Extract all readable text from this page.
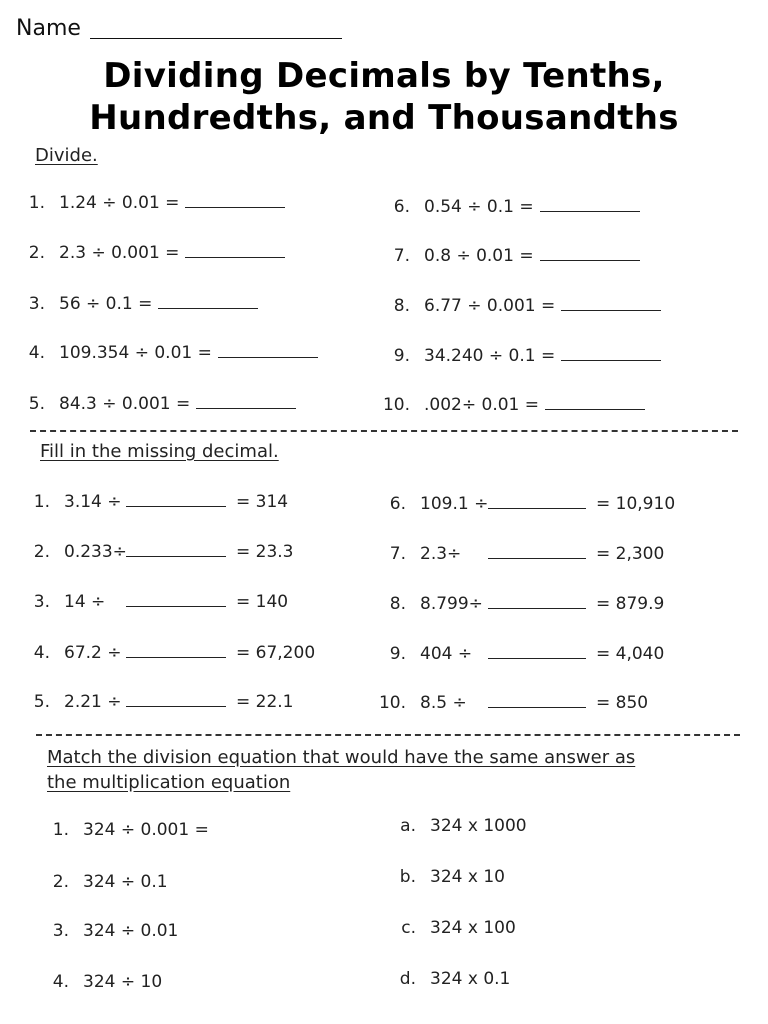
Name
Dividing Decimals by Tenths,
Hundredths, and Thousandths
Divide.
1. 1.24 ÷ 0.01 =
2. 2.3 ÷ 0.001 =
3. 56 ÷ 0.1 =
4. 109.354 ÷ 0.01 =
5. 84.3 ÷ 0.001 =
6. 0.54 ÷ 0.1 =
7. 0.8 ÷ 0.01 =
8. 6.77 ÷ 0.001 =
9. 34.240 ÷ 0.1 =
10. .002÷ 0.01 =
Fill in the missing decimal.
1. 3.14 ÷	= 314
2. 0.233÷	= 23.3
3. 14 ÷	= 140
4. 67.2 ÷	= 67,200
5. 2.21 ÷	= 22.1
6. 109.1 ÷	= 10,910
7. 2.3÷	= 2,300
8. 8.799÷	= 879.9
9. 404 ÷	= 4,040
10. 8.5 ÷	= 850
Match the division equation that would have the same answer as
the multiplication equation
1. 324 ÷ 0.001 =
2. 324 ÷ 0.1
3. 324 ÷ 0.01
4. 324 ÷ 10
a. 324 x 1000
b. 324 x 10
c. 324 x 100
d. 324 x 0.1
